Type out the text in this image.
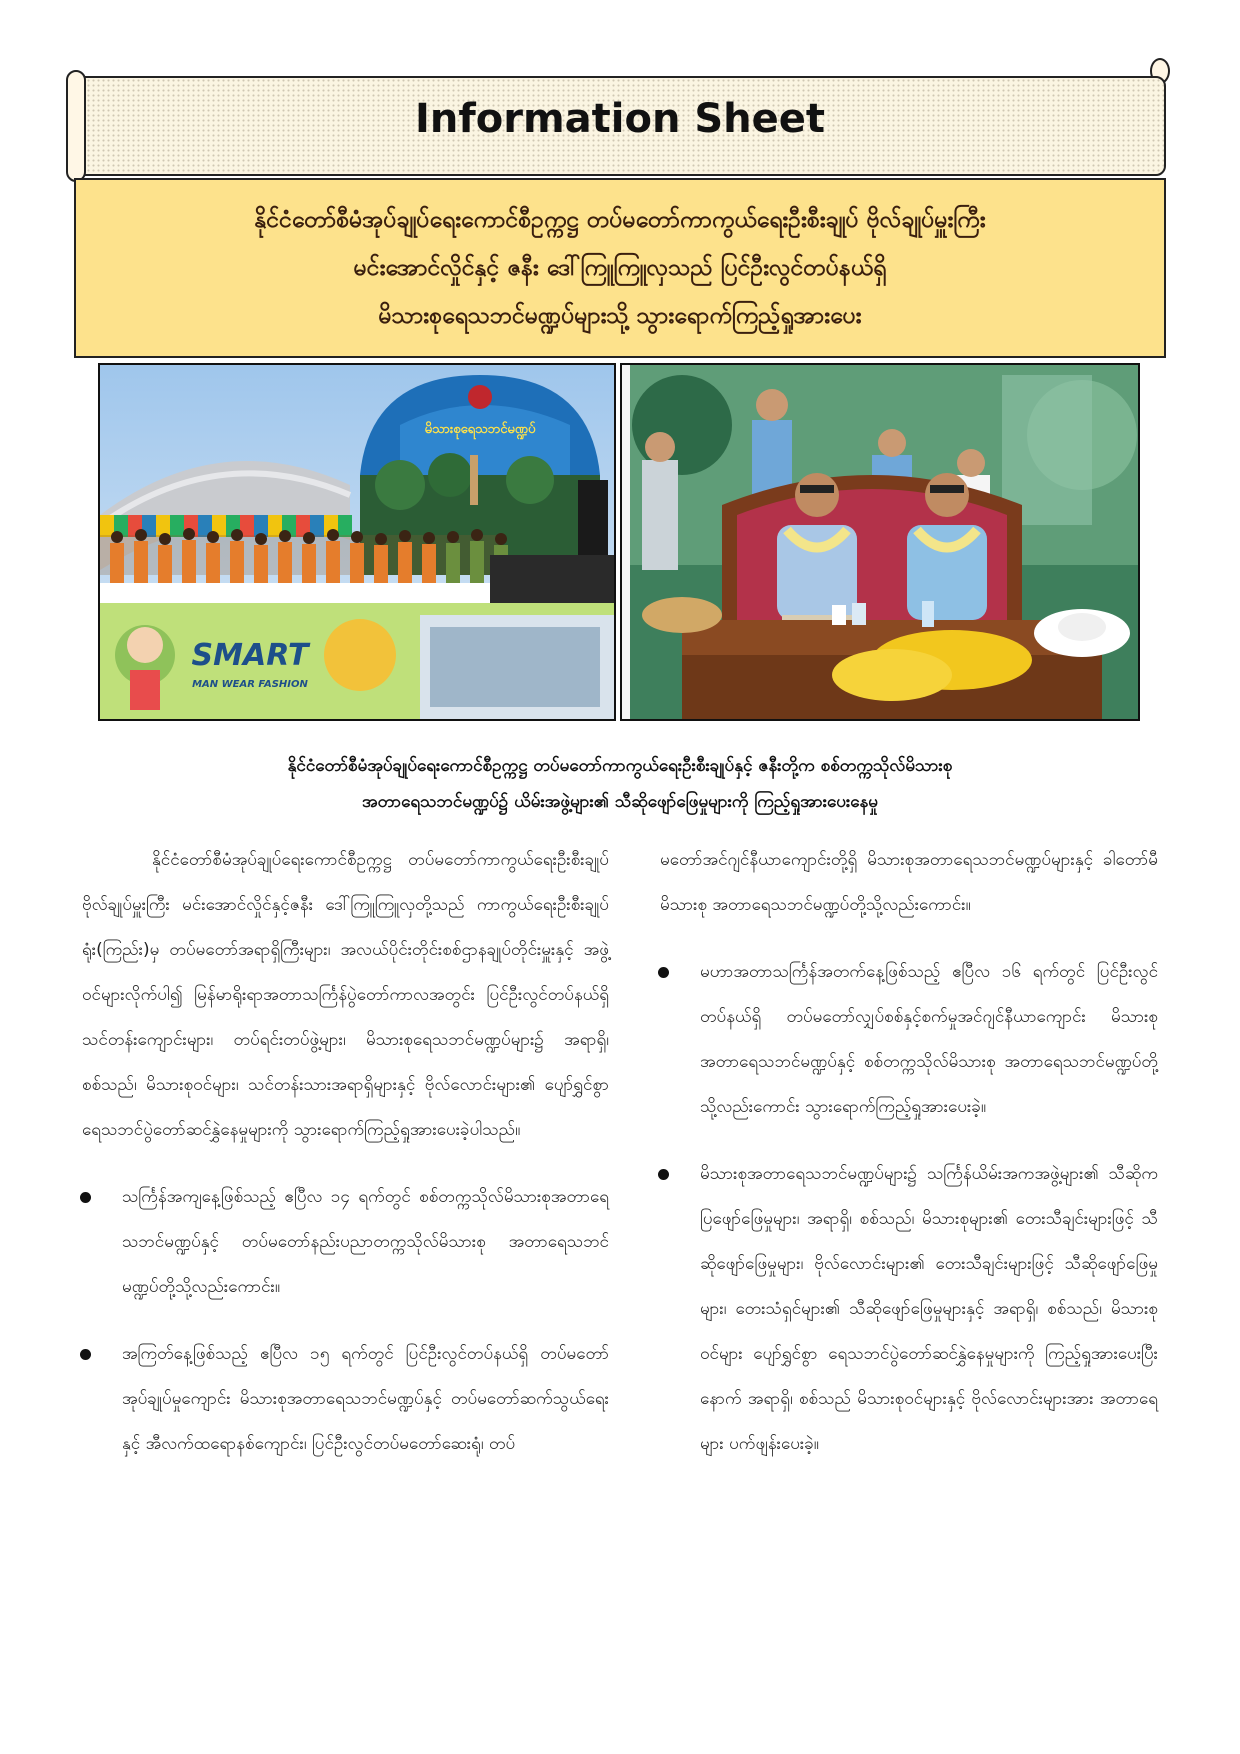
Information Sheet
နိုင်ငံတော်စီမံအုပ်ချုပ်ရေးကောင်စီဥက္ကဋ္ဌ တပ်မတော်ကာကွယ်ရေးဦးစီးချုပ် ဗိုလ်ချုပ်မှူးကြီး
မင်းအောင်လှိုင်နှင့် ဇနီး ဒေါ်ကြူကြူလှသည် ပြင်ဦးလွင်တပ်နယ်ရှိ
မိသားစုရေသဘင်မဏ္ဍပ်များသို့ သွားရောက်ကြည့်ရှုအားပေး
မိသားစုရေသဘင်မဏ္ဍပ်
SMART
MAN WEAR FASHION
နိုင်ငံတော်စီမံအုပ်ချုပ်ရေးကောင်စီဥက္ကဋ္ဌ တပ်မတော်ကာကွယ်ရေးဦးစီးချုပ်နှင့် ဇနီးတို့က စစ်တက္ကသိုလ်မိသားစု
အတာရေသဘင်မဏ္ဍပ်၌ ယိမ်းအဖွဲ့များ၏ သီဆိုဖျော်ဖြေမှုများကို ကြည့်ရှုအားပေးနေမှု

နိုင်ငံတော်စီမံအုပ်ချုပ်ရေးကောင်စီဥက္ကဋ္ဌ တပ်မတော်ကာကွယ်ရေးဦးစီးချုပ် ဗိုလ်ချုပ်မှူးကြီး မင်းအောင်လှိုင်နှင့်ဇနီး ဒေါ်ကြူကြူလှတို့သည် ကာကွယ်ရေးဦးစီးချုပ်ရုံး(ကြည်း)မှ တပ်မတော်အရာရှိကြီးများ၊ အလယ်ပိုင်းတိုင်းစစ်ဌာနချုပ်တိုင်းမှူးနှင့် အဖွဲ့ဝင်များလိုက်ပါ၍ မြန်မာရိုးရာအတာသင်္ကြန်ပွဲတော်ကာလအတွင်း ပြင်ဦးလွင်တပ်နယ်ရှိ သင်တန်းကျောင်းများ၊ တပ်ရင်းတပ်ဖွဲ့များ၊ မိသားစုရေသဘင်မဏ္ဍပ်များ၌ အရာရှိ၊ စစ်သည်၊ မိသားစုဝင်များ၊ သင်တန်းသားအရာရှိများနှင့် ဗိုလ်လောင်းများ၏ ပျော်ရွှင်စွာ ရေသဘင်ပွဲတော်ဆင်နွှဲနေမှုများကို သွားရောက်ကြည့်ရှုအားပေးခဲ့ပါသည်။

သင်္ကြန်အကျနေ့ဖြစ်သည့် ဧပြီလ ၁၄ ရက်တွင် စစ်တက္ကသိုလ်မိသားစုအတာရေသဘင်မဏ္ဍပ်နှင့် တပ်မတော်နည်းပညာတက္ကသိုလ်မိသားစု အတာရေသဘင်မဏ္ဍပ်တို့သို့လည်းကောင်း။

အကြတ်နေ့ဖြစ်သည့် ဧပြီလ ၁၅ ရက်တွင် ပြင်ဦးလွင်တပ်နယ်ရှိ တပ်မတော်အုပ်ချုပ်မှုကျောင်း မိသားစုအတာရေသဘင်မဏ္ဍပ်နှင့် တပ်မတော်ဆက်သွယ်ရေးနှင့် အီလက်ထရောနစ်ကျောင်း၊ ပြင်ဦးလွင်တပ်မတော်ဆေးရုံ၊ တပ်

မတော်အင်ဂျင်နီယာကျောင်းတို့ရှိ မိသားစုအတာရေသဘင်မဏ္ဍပ်များနှင့် ခါတော်မီ မိသားစု အတာရေသဘင်မဏ္ဍပ်တို့သို့လည်းကောင်း။

မဟာအတာသင်္ကြန်အတက်နေ့ဖြစ်သည့် ဧပြီလ ၁၆ ရက်တွင် ပြင်ဦးလွင်တပ်နယ်ရှိ တပ်မတော်လျှပ်စစ်နှင့်စက်မှုအင်ဂျင်နီယာကျောင်း မိသားစု အတာရေသဘင်မဏ္ဍပ်နှင့် စစ်တက္ကသိုလ်မိသားစု အတာရေသဘင်မဏ္ဍပ်တို့သို့လည်းကောင်း သွားရောက်ကြည့်ရှုအားပေးခဲ့။

မိသားစုအတာရေသဘင်မဏ္ဍပ်များ၌ သင်္ကြန်ယိမ်းအကအဖွဲ့များ၏ သီဆိုကပြဖျော်ဖြေမှုများ၊ အရာရှိ၊ စစ်သည်၊ မိသားစုများ၏ တေးသီချင်းများဖြင့် သီဆိုဖျော်ဖြေမှုများ၊ ဗိုလ်လောင်းများ၏ တေးသီချင်းများဖြင့် သီဆိုဖျော်ဖြေမှုများ၊ တေးသံရှင်များ၏ သီဆိုဖျော်ဖြေမှုများနှင့် အရာရှိ၊ စစ်သည်၊ မိသားစုဝင်များ ပျော်ရွှင်စွာ ရေသဘင်ပွဲတော်ဆင်နွှဲနေမှုများကို ကြည့်ရှုအားပေးပြီးနောက် အရာရှိ၊ စစ်သည် မိသားစုဝင်များနှင့် ဗိုလ်လောင်းများအား အတာရေများ ပက်ဖျန်းပေးခဲ့။
